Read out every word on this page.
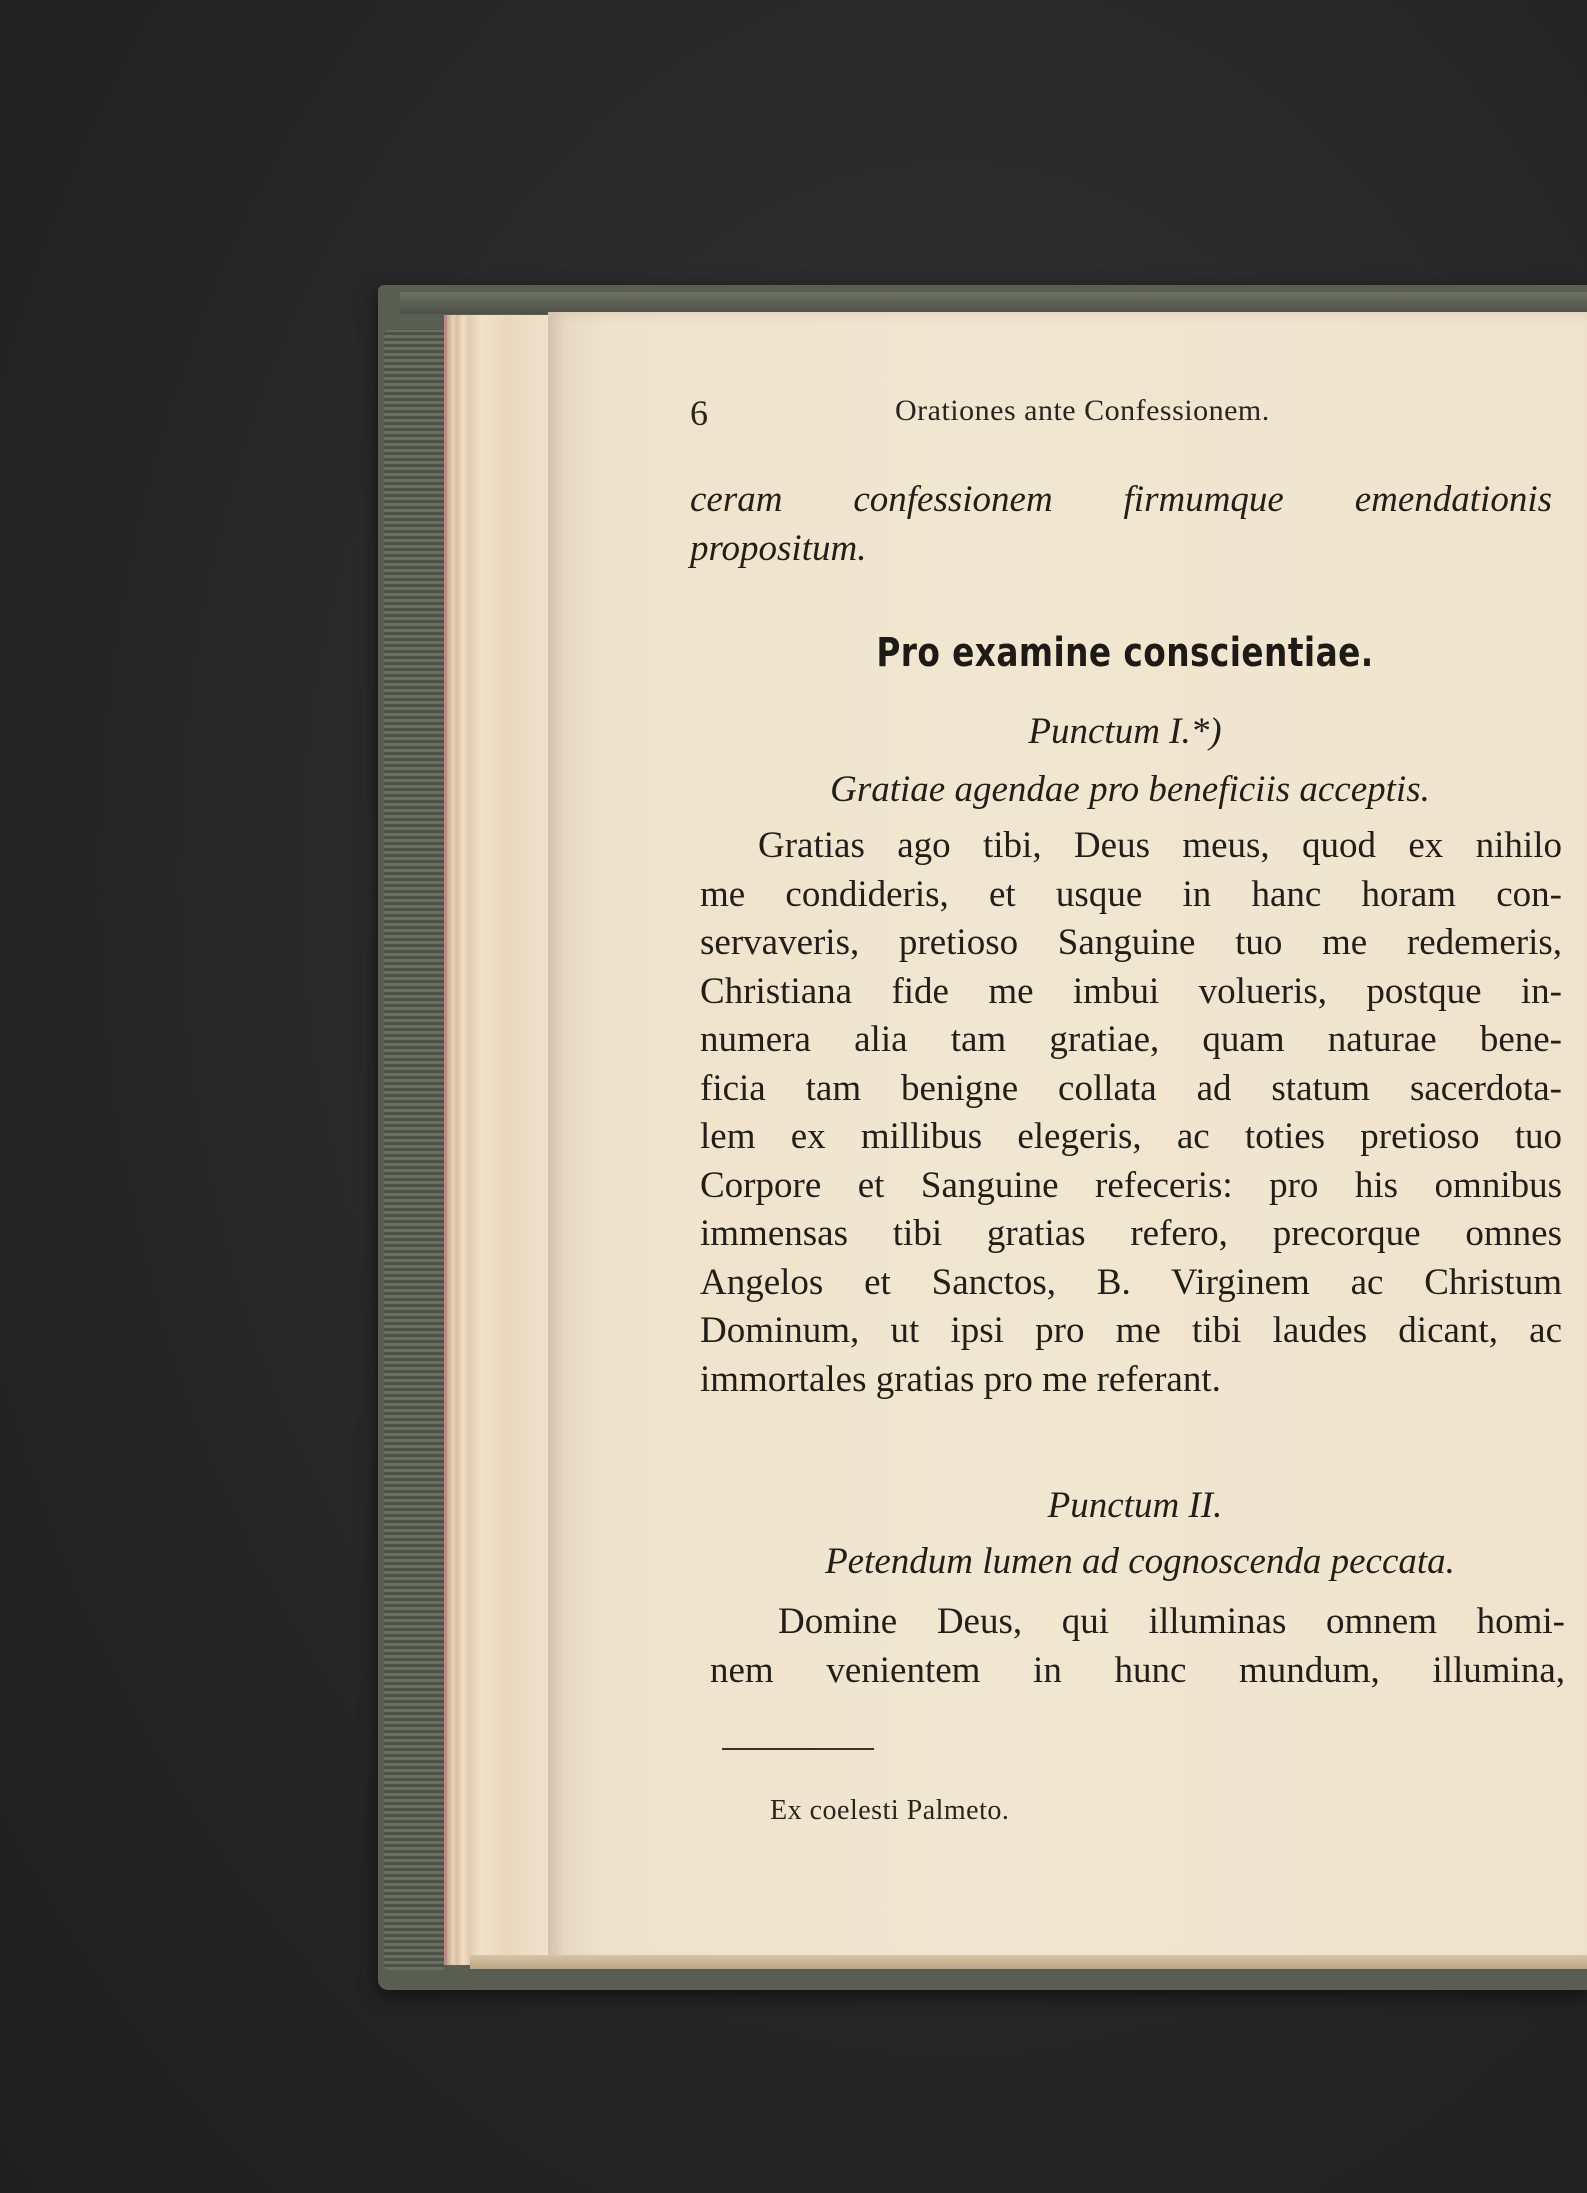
6	Orationes ante Confessionem.
ceram confessionem firmumque emendationis
propositum.
Pro examine conscientiae.
Punctum I.*)
Gratiae agendae pro beneficiis acceptis.
Gratias ago tibi, Deus meus, quod ex nihilo
me condideris, et usque in hanc horam con-
servaveris, pretioso Sanguine tuo me redemeris,
Christiana fide me imbui volueris, postque in-
numera alia tam gratiae, quam naturae bene-
ficia tam benigne collata ad statum sacerdota-
lem ex millibus elegeris, ac toties pretioso tuo
Corpore et Sanguine refeceris: pro his omnibus
immensas tibi gratias refero, precorque omnes
Angelos et Sanctos, B. Virginem ac Christum
Dominum, ut ipsi pro me tibi laudes dicant, ac
immortales gratias pro me referant.
Punctum II.
Petendum lumen ad cognoscenda peccata.
Domine Deus, qui illuminas omnem homi-
nem venientem in hunc mundum, illumina,
Ex coelesti Palmeto.
